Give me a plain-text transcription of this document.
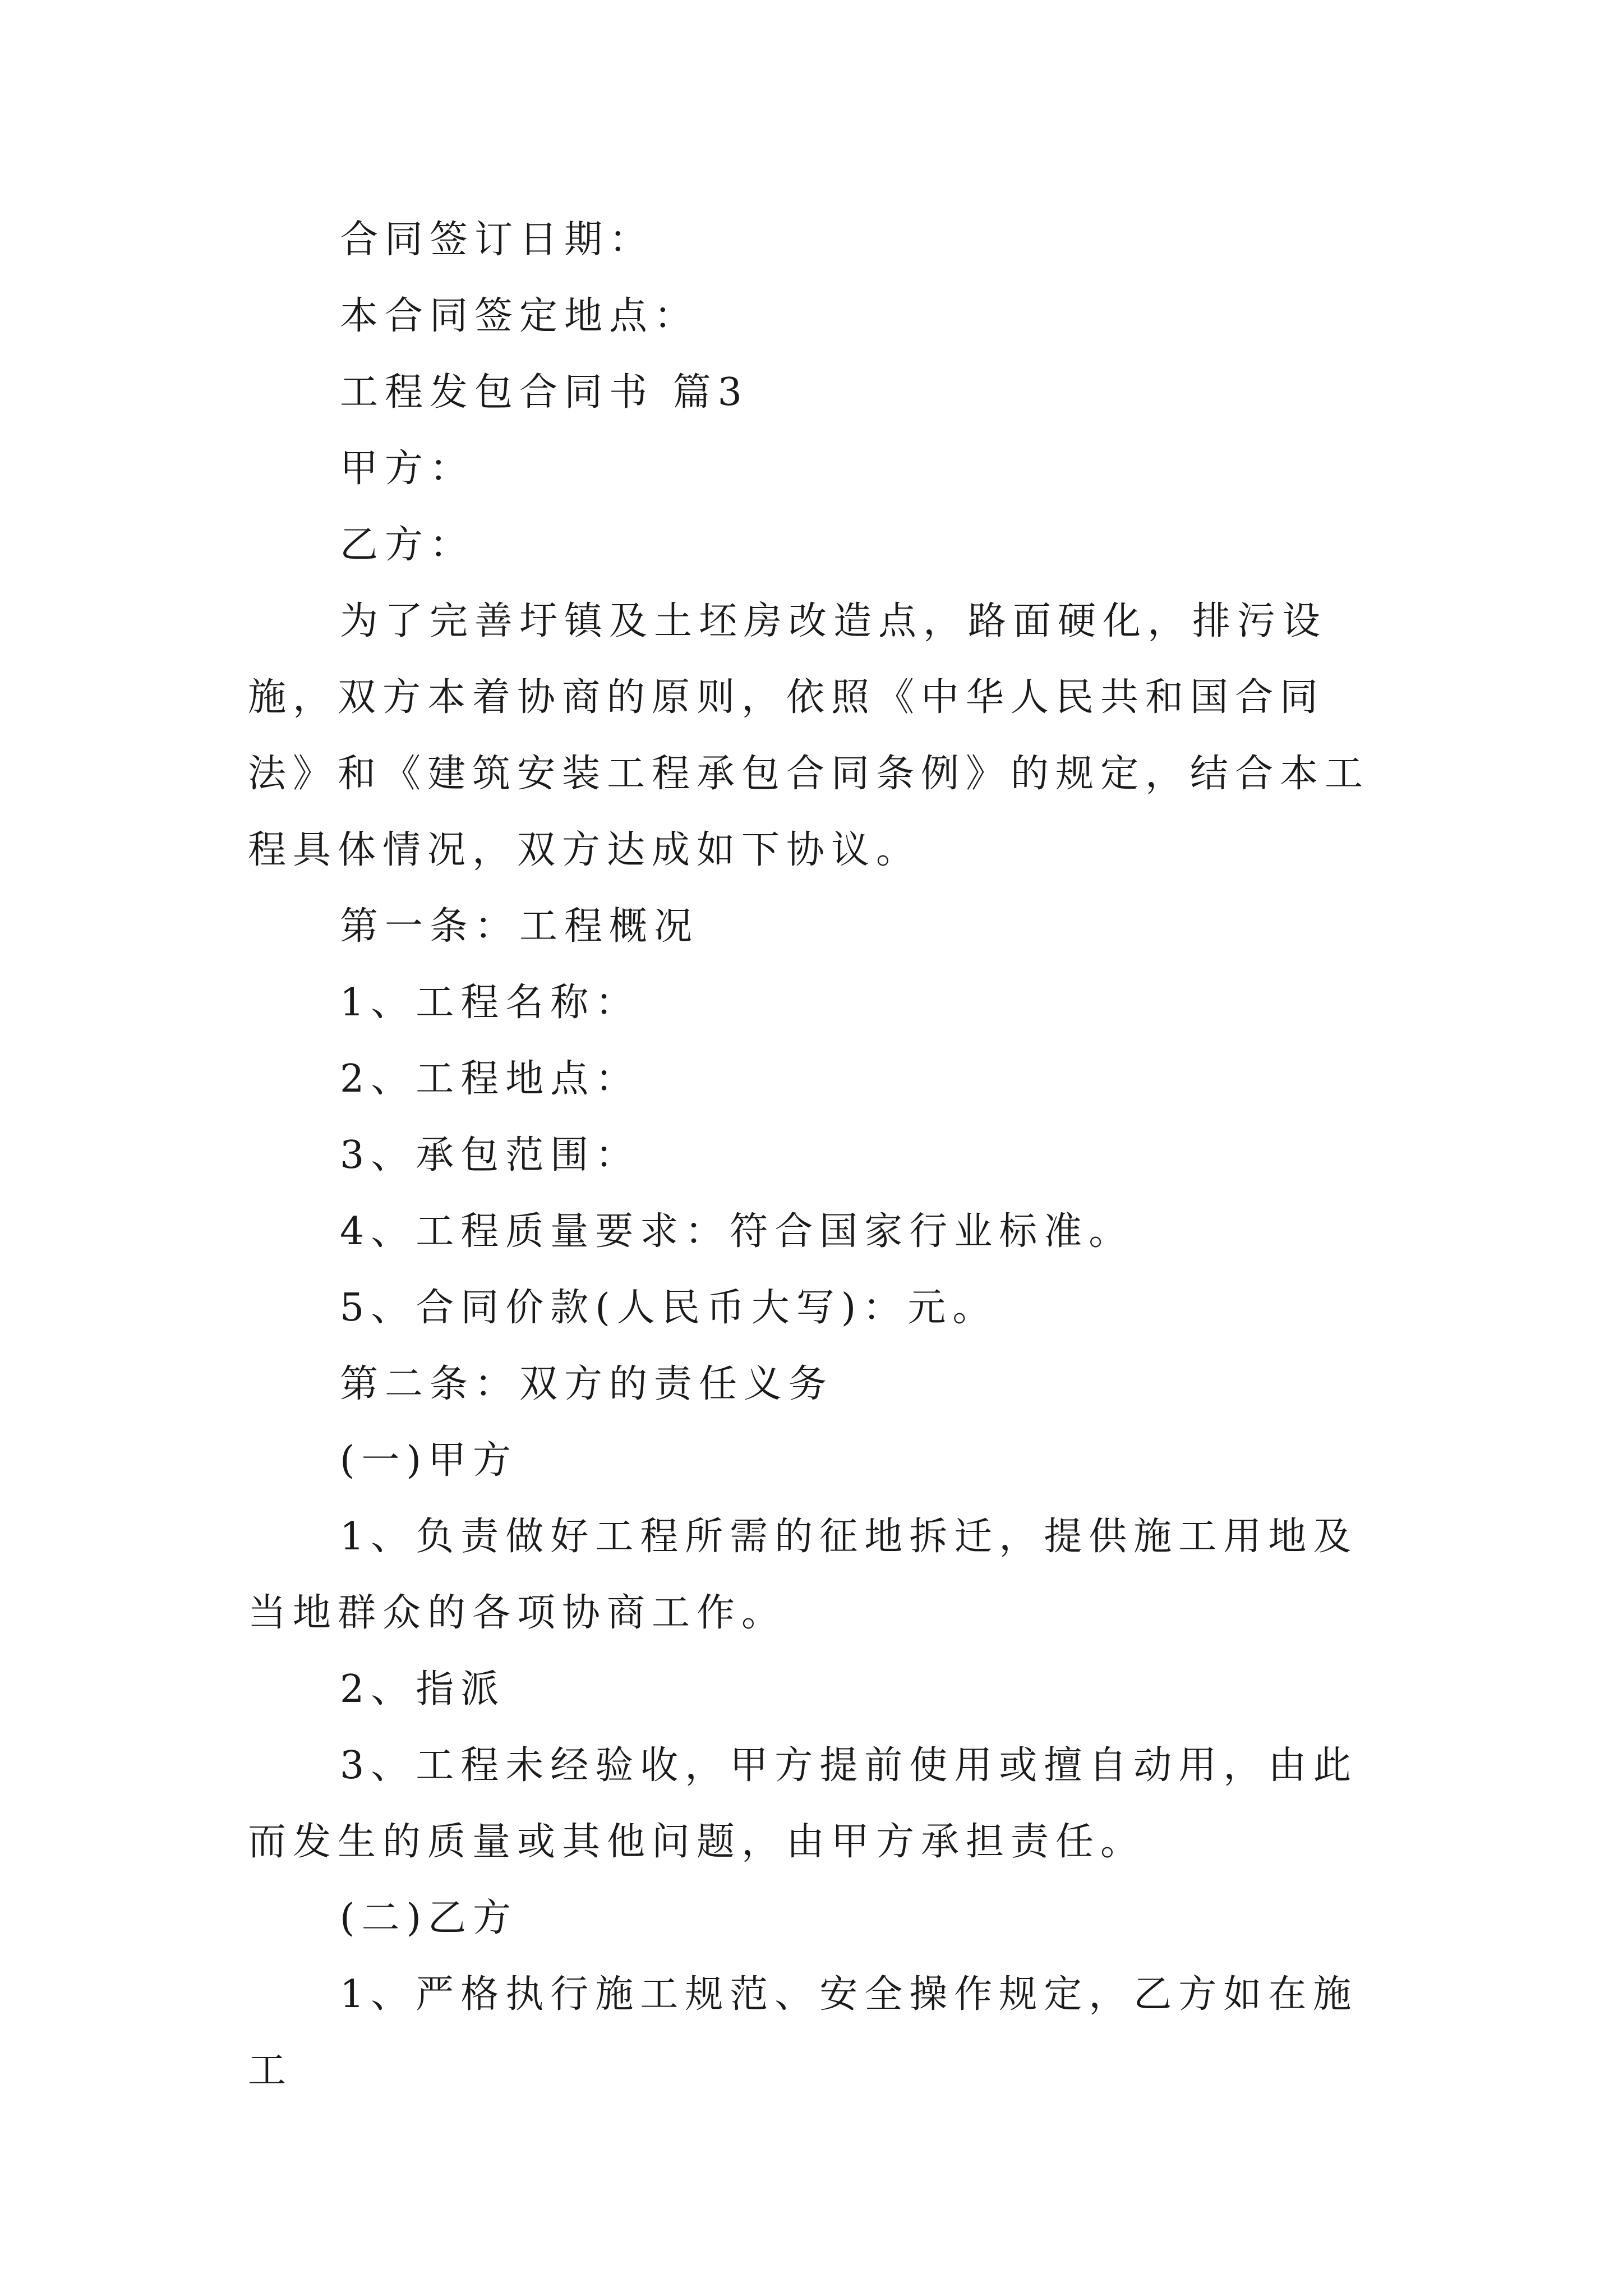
合同签订日期：

本合同签定地点：

工程发包合同书 篇3

甲方：

乙方：

为了完善圩镇及土坯房改造点，路面硬化，排污设施，双方本着协商的原则，依照《中华人民共和国合同法》和《建筑安装工程承包合同条例》的规定，结合本工程具体情况，双方达成如下协议。

第一条：工程概况

1、工程名称：

2、工程地点：

3、承包范围：

4、工程质量要求：符合国家行业标准。

5、合同价款(人民币大写)：元。

第二条：双方的责任义务

(一)甲方

1、负责做好工程所需的征地拆迁，提供施工用地及当地群众的各项协商工作。

2、指派

3、工程未经验收，甲方提前使用或擅自动用，由此而发生的质量或其他问题，由甲方承担责任。

(二)乙方

1、严格执行施工规范、安全操作规定，乙方如在施工
